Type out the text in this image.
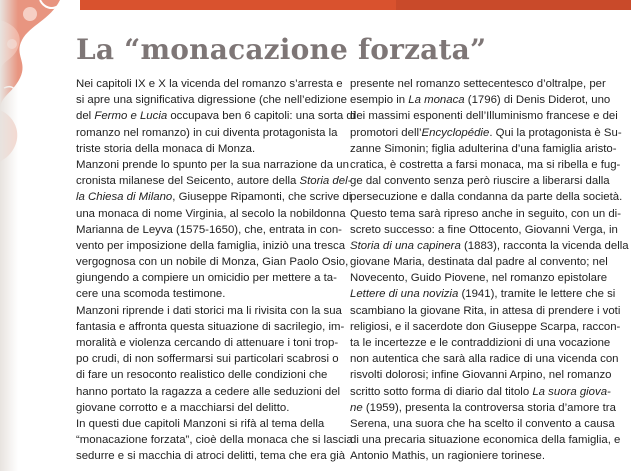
La “monacazione forzata”
Nei capitoli IX e X la vicenda del romanzo s’arresta e
si apre una significativa digressione (che nell’edizione
del Fermo e Lucia occupava ben 6 capitoli: una sorta di
romanzo nel romanzo) in cui diventa protagonista la
triste storia della monaca di Monza.
Manzoni prende lo spunto per la sua narrazione da un
cronista milanese del Seicento, autore della Storia del-
la Chiesa di Milano, Giuseppe Ripamonti, che scrive di
una monaca di nome Virginia, al secolo la nobildonna
Marianna de Leyva (1575-1650), che, entrata in con-
vento per imposizione della famiglia, iniziò una tresca
vergognosa con un nobile di Monza, Gian Paolo Osio,
giungendo a compiere un omicidio per mettere a ta-
cere una scomoda testimone.
Manzoni riprende i dati storici ma li rivisita con la sua
fantasia e affronta questa situazione di sacrilegio, im-
moralità e violenza cercando di attenuare i toni trop-
po crudi, di non soffermarsi sui particolari scabrosi o
di fare un resoconto realistico delle condizioni che
hanno portato la ragazza a cedere alle seduzioni del
giovane corrotto e a macchiarsi del delitto.
In questi due capitoli Manzoni si rifà al tema della
“monacazione forzata”, cioè della monaca che si lascia
sedurre e si macchia di atroci delitti, tema che era già
presente nel romanzo settecentesco d’oltralpe, per
esempio in La monaca (1796) di Denis Diderot, uno
dei massimi esponenti dell’Illuminismo francese e dei
promotori dell’Encyclopédie. Qui la protagonista è Su-
zanne Simonin; figlia adulterina d’una famiglia aristo-
cratica, è costretta a farsi monaca, ma si ribella e fug-
ge dal convento senza però riuscire a liberarsi dalla
persecuzione e dalla condanna da parte della società.
Questo tema sarà ripreso anche in seguito, con un di-
screto successo: a fine Ottocento, Giovanni Verga, in
Storia di una capinera (1883), racconta la vicenda della
giovane Maria, destinata dal padre al convento; nel
Novecento, Guido Piovene, nel romanzo epistolare
Lettere di una novizia (1941), tramite le lettere che si
scambiano la giovane Rita, in attesa di prendere i voti
religiosi, e il sacerdote don Giuseppe Scarpa, raccon-
ta le incertezze e le contraddizioni di una vocazione
non autentica che sarà alla radice di una vicenda con
risvolti dolorosi; infine Giovanni Arpino, nel romanzo
scritto sotto forma di diario dal titolo La suora giova-
ne (1959), presenta la controversa storia d’amore tra
Serena, una suora che ha scelto il convento a causa
di una precaria situazione economica della famiglia, e
Antonio Mathis, un ragioniere torinese.
